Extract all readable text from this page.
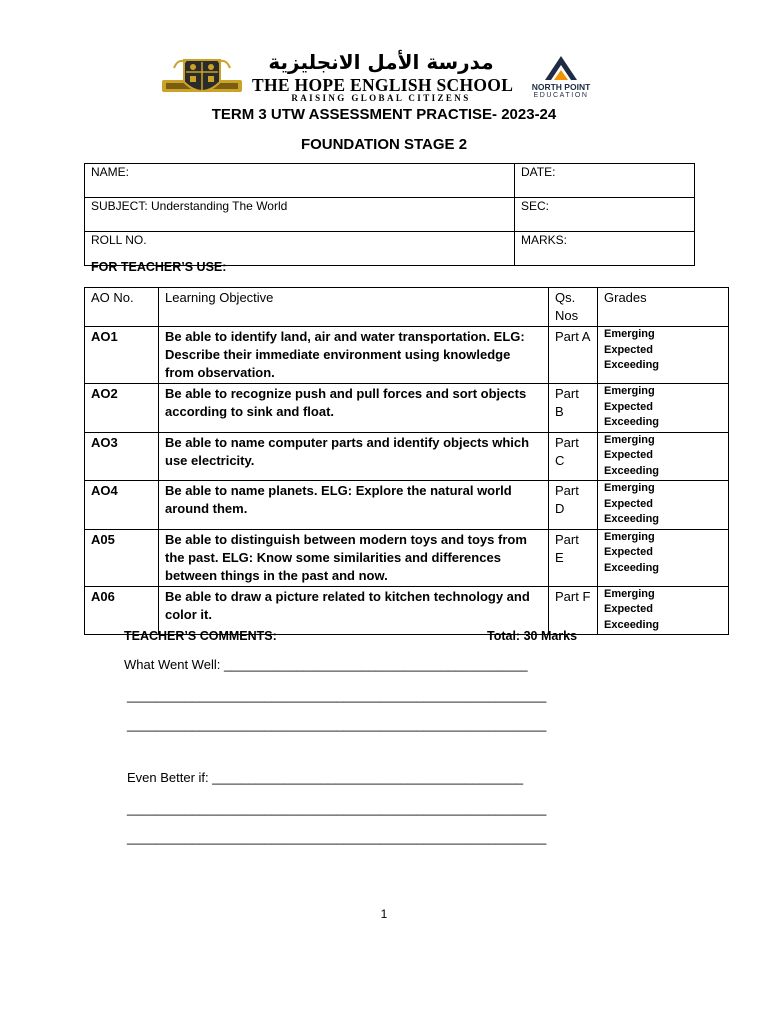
مدرسة الأمل الانجليزية
THE HOPE ENGLISH SCHOOL
RAISING GLOBAL CITIZENS
NORTH POINT
EDUCATION
TERM 3 UTW ASSESSMENT PRACTISE- 2023-24
FOUNDATION STAGE 2
NAME:	DATE:
SUBJECT: Understanding The World	SEC:
ROLL NO.	MARKS:
FOR TEACHER’S USE:
AO No.	Learning Objective	Qs. Nos	Grades
AO1	Be able to identify land, air and water transportation. ELG: Describe their immediate environment using knowledge from observation.	Part A	Emerging
Expected
Exceeding

AO2	Be able to recognize push and pull forces and sort objects according to sink and float.	Part B	Emerging
Expected
Exceeding

AO3	Be able to name computer parts and identify objects which use electricity.	Part C	Emerging
Expected
Exceeding

AO4	Be able to name planets. ELG: Explore the natural world around them.	Part D	Emerging
Expected
Exceeding

A05	Be able to distinguish between modern toys and toys from the past. ELG: Know some similarities and differences between things in the past and now.	Part E	Emerging
Expected
Exceeding

A06	Be able to draw a picture related to kitchen technology and color it.	Part F	Emerging
Expected
Exceeding
TEACHER’S COMMENTS:	Total: 30 Marks
What Went Well: __________________________________________
__________________________________________________________
__________________________________________________________
Even Better if: ___________________________________________
__________________________________________________________
__________________________________________________________
1
